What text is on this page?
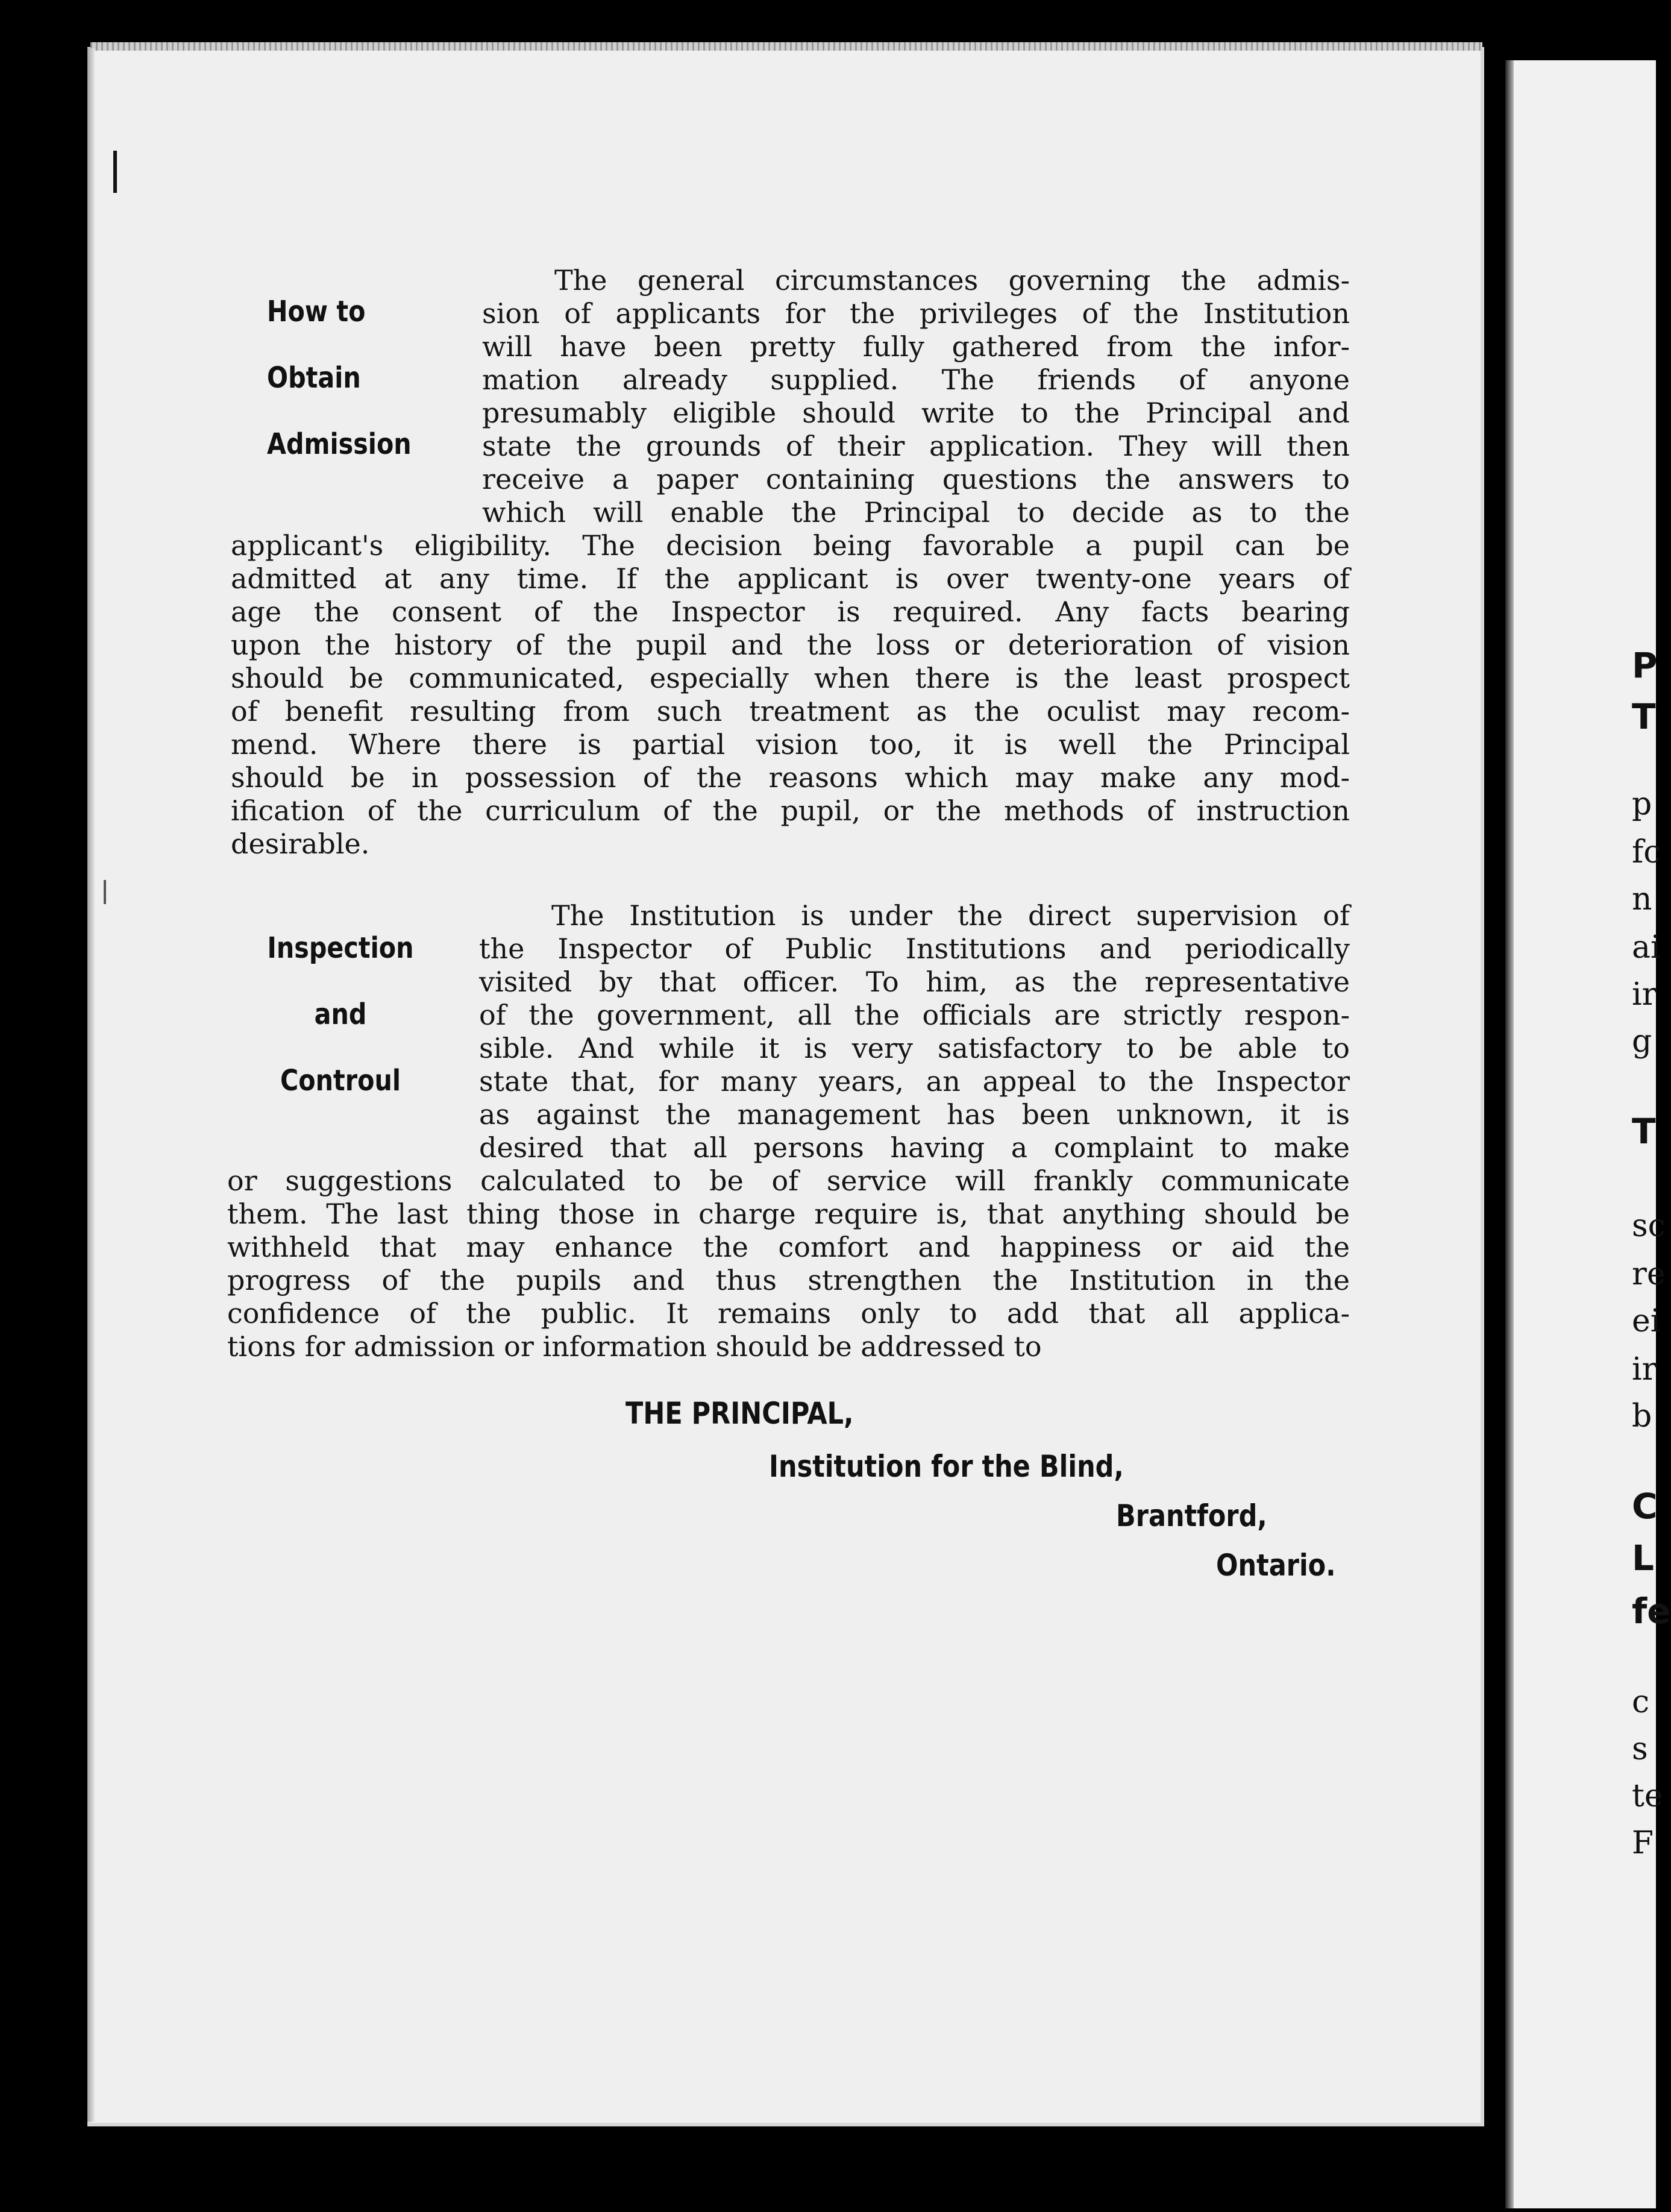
P
T
p
fc
n
ai
ir
g
T
sc
re
ei
ir
b
C
L
fe
c
s
te
F
How to
Obtain
Admission
The general circumstances governing the admis-
sion of applicants for the privileges of the Institution
will have been pretty fully gathered from the infor-
mation already supplied. The friends of anyone
presumably eligible should write to the Principal and
state the grounds of their application. They will then
receive a paper containing questions the answers to
which will enable the Principal to decide as to the
applicant's eligibility. The decision being favorable a pupil can be
admitted at any time. If the applicant is over twenty-one years of
age the consent of the Inspector is required. Any facts bearing
upon the history of the pupil and the loss or deterioration of vision
should be communicated, especially when there is the least prospect
of benefit resulting from such treatment as the oculist may recom-
mend. Where there is partial vision too, it is well the Principal
should be in possession of the reasons which may make any mod-
ification of the curriculum of the pupil, or the methods of instruction
desirable.
Inspection
and
Controul
The Institution is under the direct supervision of
the Inspector of Public Institutions and periodically
visited by that officer. To him, as the representative
of the government, all the officials are strictly respon-
sible. And while it is very satisfactory to be able to
state that, for many years, an appeal to the Inspector
as against the management has been unknown, it is
desired that all persons having a complaint to make
or suggestions calculated to be of service will frankly communicate
them. The last thing those in charge require is, that anything should be
withheld that may enhance the comfort and happiness or aid the
progress of the pupils and thus strengthen the Institution in the
confidence of the public. It remains only to add that all applica-
tions for admission or information should be addressed to
THE PRINCIPAL,
Institution for the Blind,
Brantford,
Ontario.
